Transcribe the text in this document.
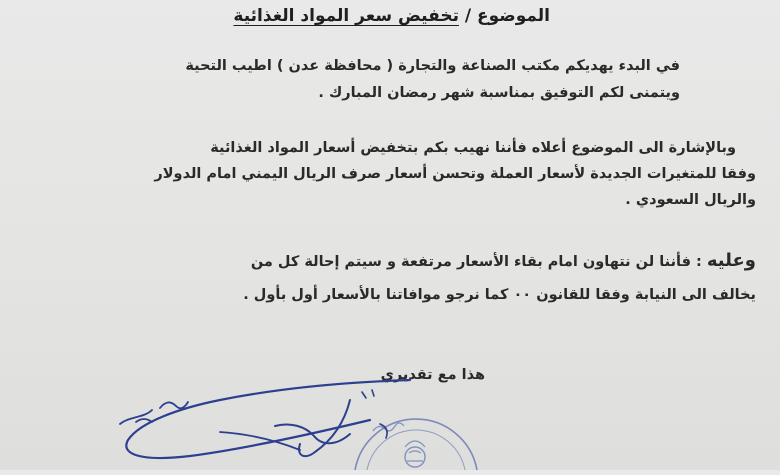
الموضوع / تخفيض سعر المواد الغذائية
في البدء يهديكم مكتب الصناعة والتجارة ( محافظة عدن ) اطيب التحية
ويتمنى لكم التوفيق بمناسبة شهر رمضان المبارك .
وبالإشارة الى الموضوع أعلاه فأننا نهيب بكم بتخفيض أسعار المواد الغذائية
وفقا للمتغيرات الجديدة لأسعار العملة وتحسن أسعار صرف الريال اليمني امام الدولار
والريال السعودي .
وعليه : فأننا لن نتهاون امام بقاء الأسعار مرتفعة و سيتم إحالة كل من
يخالف الى النيابة وفقا للقانون ٠٠ كما نرجو موافاتنا بالأسعار أول بأول .
هذا مع تقديري
